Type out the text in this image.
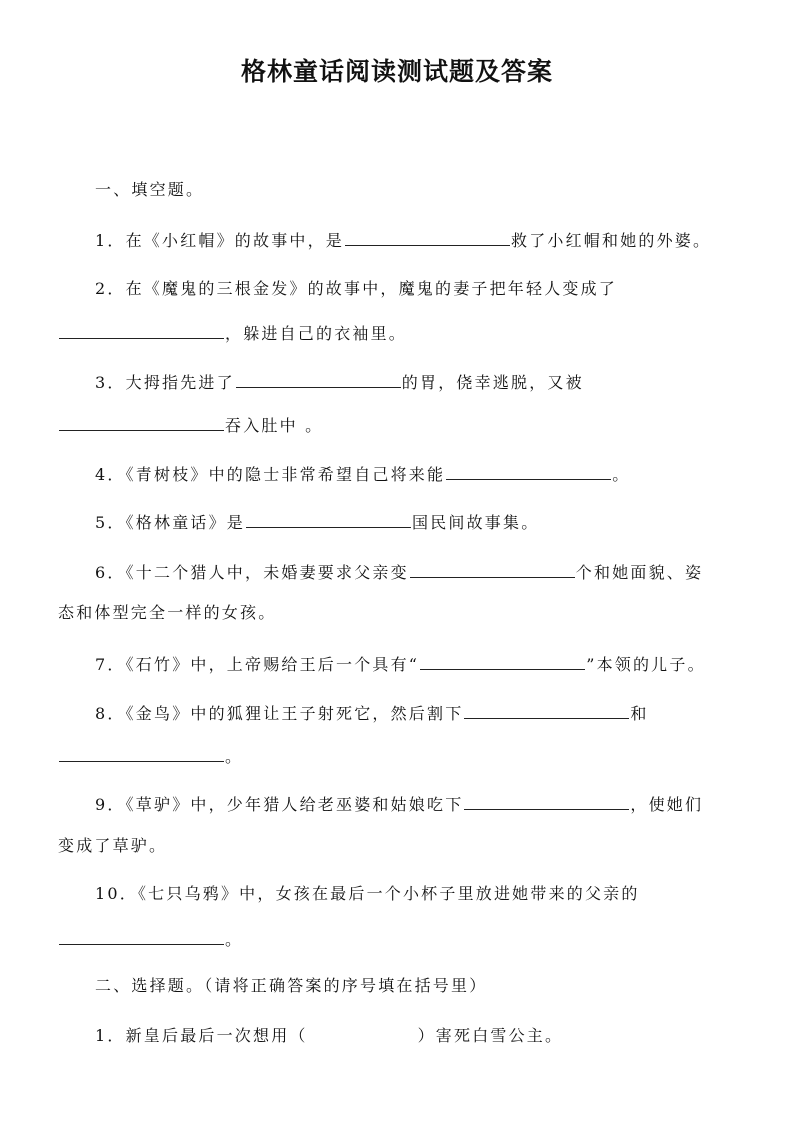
格林童话阅读测试题及答案
一、填空题。
1．在《小红帽》的故事中，是	救了小红帽和她的外婆。
2．在《魔鬼的三根金发》的故事中，魔鬼的妻子把年轻人变成了
，躲进自己的衣袖里。
3．大拇指先进了	的胃，侥幸逃脱，又被
吞入肚中 。
4．《青树枝》中的隐士非常希望自己将来能	。
5．《格林童话》是	国民间故事集。
6．《十二个猎人中，未婚妻要求父亲变	个和她面貌、姿
态和体型完全一样的女孩。
7．《石竹》中，上帝赐给王后一个具有“	”本领的儿子。
8．《金鸟》中的狐狸让王子射死它，然后割下	和
。
9．《草驴》中，少年猎人给老巫婆和姑娘吃下	，使她们
变成了草驴。
10．《七只乌鸦》中，女孩在最后一个小杯子里放进她带来的父亲的
。
二、选择题。（请将正确答案的序号填在括号里）
1．新皇后最后一次想用（	）害死白雪公主。
